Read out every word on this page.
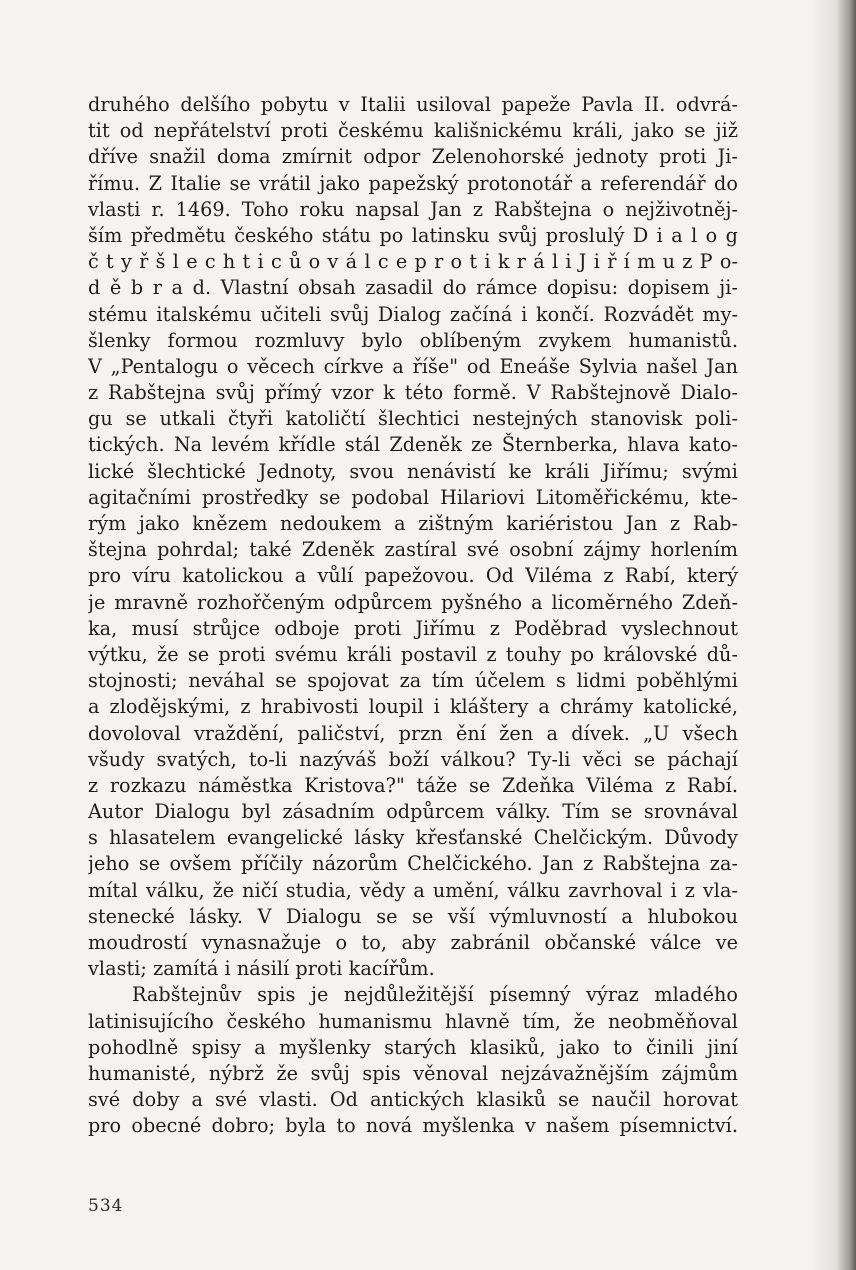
druhého delšího pobytu v Italii usiloval papeže Pavla II. odvrá-
tit od nepřátelství proti českému kališnickému králi, jako se již
dříve snažil doma zmírnit odpor Zelenohorské jednoty proti Ji-
římu. Z Italie se vrátil jako papežský protonotář a referendář do
vlasti r. 1469. Toho roku napsal Jan z Rabštejna o nejživotněj-
ším předmětu českého státu po latinsku svůj proslulý D i a l o g
č t y ř š l e c h t i c ů o v á l c e p r o t i k r á l i J i ř í m u z P o-
d ě b r a d. Vlastní obsah zasadil do rámce dopisu: dopisem ji-
stému italskému učiteli svůj Dialog začíná i končí. Rozvádět my-
šlenky formou rozmluvy bylo oblíbeným zvykem humanistů.
V „Pentalogu o věcech církve a říše" od Eneáše Sylvia našel Jan
z Rabštejna svůj přímý vzor k této formě. V Rabštejnově Dialo-
gu se utkali čtyři katoličtí šlechtici nestejných stanovisk poli-
tických. Na levém křídle stál Zdeněk ze Šternberka, hlava kato-
lické šlechtické Jednoty, svou nenávistí ke králi Jiřímu; svými
agitačními prostředky se podobal Hilariovi Litoměřickému, kte-
rým jako knězem nedoukem a zištným kariéristou Jan z Rab-
štejna pohrdal; také Zdeněk zastíral své osobní zájmy horlením
pro víru katolickou a vůlí papežovou. Od Viléma z Rabí, který
je mravně rozhořčeným odpůrcem pyšného a licoměrného Zdeň-
ka, musí strůjce odboje proti Jiřímu z Poděbrad vyslechnout
výtku, že se proti svému králi postavil z touhy po královské dů-
stojnosti; neváhal se spojovat za tím účelem s lidmi poběhlými
a zlodějskými, z hrabivosti loupil i kláštery a chrámy katolické,
dovoloval vraždění, paličství, przn ění žen a dívek. „U všech
všudy svatých, to-li nazýváš boží válkou? Ty-li věci se páchají
z rozkazu náměstka Kristova?" táže se Zdeňka Viléma z Rabí.
Autor Dialogu byl zásadním odpůrcem války. Tím se srovnával
s hlasatelem evangelické lásky křesťanské Chelčickým. Důvody
jeho se ovšem příčily názorům Chelčického. Jan z Rabštejna za-
mítal válku, že ničí studia, vědy a umění, válku zavrhoval i z vla-
stenecké lásky. V Dialogu se se vší výmluvností a hlubokou
moudrostí vynasnažuje o to, aby zabránil občanské válce ve
vlasti; zamítá i násilí proti kacířům.
Rabštejnův spis je nejdůležitější písemný výraz mladého
latinisujícího českého humanismu hlavně tím, že neobměňoval
pohodlně spisy a myšlenky starých klasiků, jako to činili jiní
humanisté, nýbrž že svůj spis věnoval nejzávažnějším zájmům
své doby a své vlasti. Od antických klasiků se naučil horovat
pro obecné dobro; byla to nová myšlenka v našem písemnictví.
534
